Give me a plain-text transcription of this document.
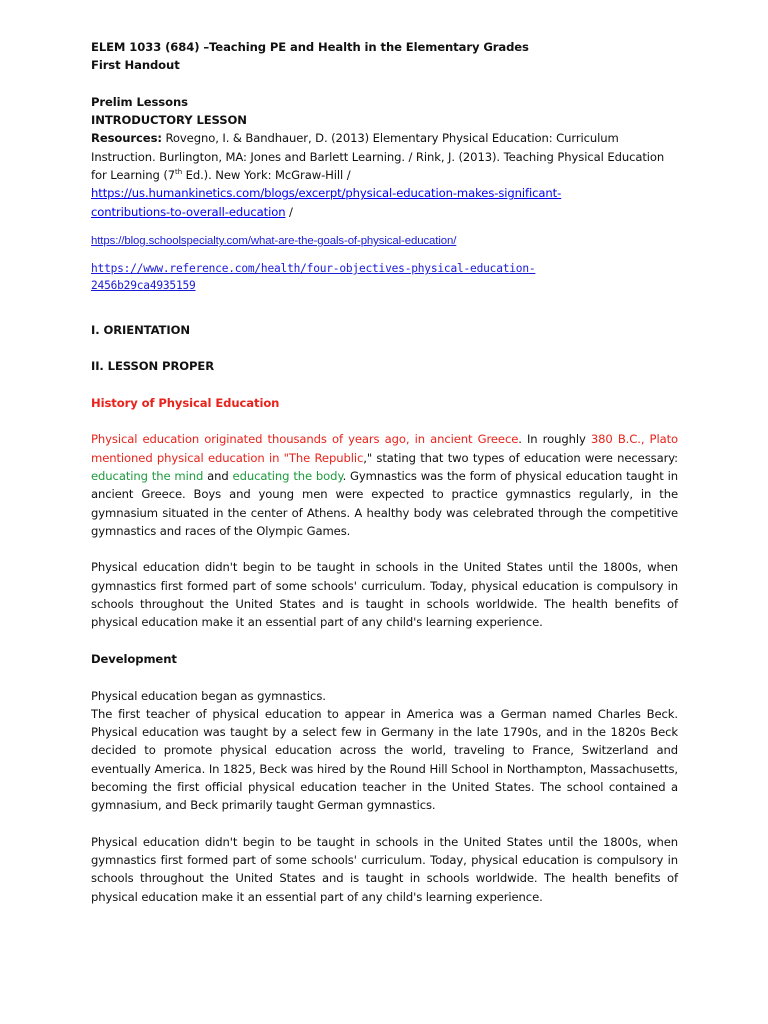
ELEM 1033 (684) –Teaching PE and Health in the Elementary Grades

First Handout

Prelim Lessons

INTRODUCTORY LESSON

Resources: Rovegno, I. & Bandhauer, D. (2013) Elementary Physical Education: Curriculum Instruction. Burlington, MA: Jones and Barlett Learning. / Rink, J. (2013). Teaching Physical Education for Learning (7th Ed.). New York: McGraw-Hill /
https://us.humankinetics.com/blogs/excerpt/physical-education-makes-significant-
contributions-to-overall-education /

https://blog.schoolspecialty.com/what-are-the-goals-of-physical-education/

https://www.reference.com/health/four-objectives-physical-education-
2456b29ca4935159

I. ORIENTATION

II. LESSON PROPER

History of Physical Education

Physical education originated thousands of years ago, in ancient Greece. In roughly 380 B.C., Plato mentioned physical education in "The Republic," stating that two types of education were necessary: educating the mind and educating the body. Gymnastics was the form of physical education taught in ancient Greece. Boys and young men were expected to practice gymnastics regularly, in the gymnasium situated in the center of Athens. A healthy body was celebrated through the competitive gymnastics and races of the Olympic Games.

Physical education didn't begin to be taught in schools in the United States until the 1800s, when gymnastics first formed part of some schools' curriculum. Today, physical education is compulsory in schools throughout the United States and is taught in schools worldwide. The health benefits of physical education make it an essential part of any child's learning experience.

Development

Physical education began as gymnastics.

The first teacher of physical education to appear in America was a German named Charles Beck. Physical education was taught by a select few in Germany in the late 1790s, and in the 1820s Beck decided to promote physical education across the world, traveling to France, Switzerland and eventually America. In 1825, Beck was hired by the Round Hill School in Northampton, Massachusetts, becoming the first official physical education teacher in the United States. The school contained a gymnasium, and Beck primarily taught German gymnastics.

Physical education didn't begin to be taught in schools in the United States until the 1800s, when gymnastics first formed part of some schools' curriculum. Today, physical education is compulsory in schools throughout the United States and is taught in schools worldwide. The health benefits of physical education make it an essential part of any child's learning experience.
